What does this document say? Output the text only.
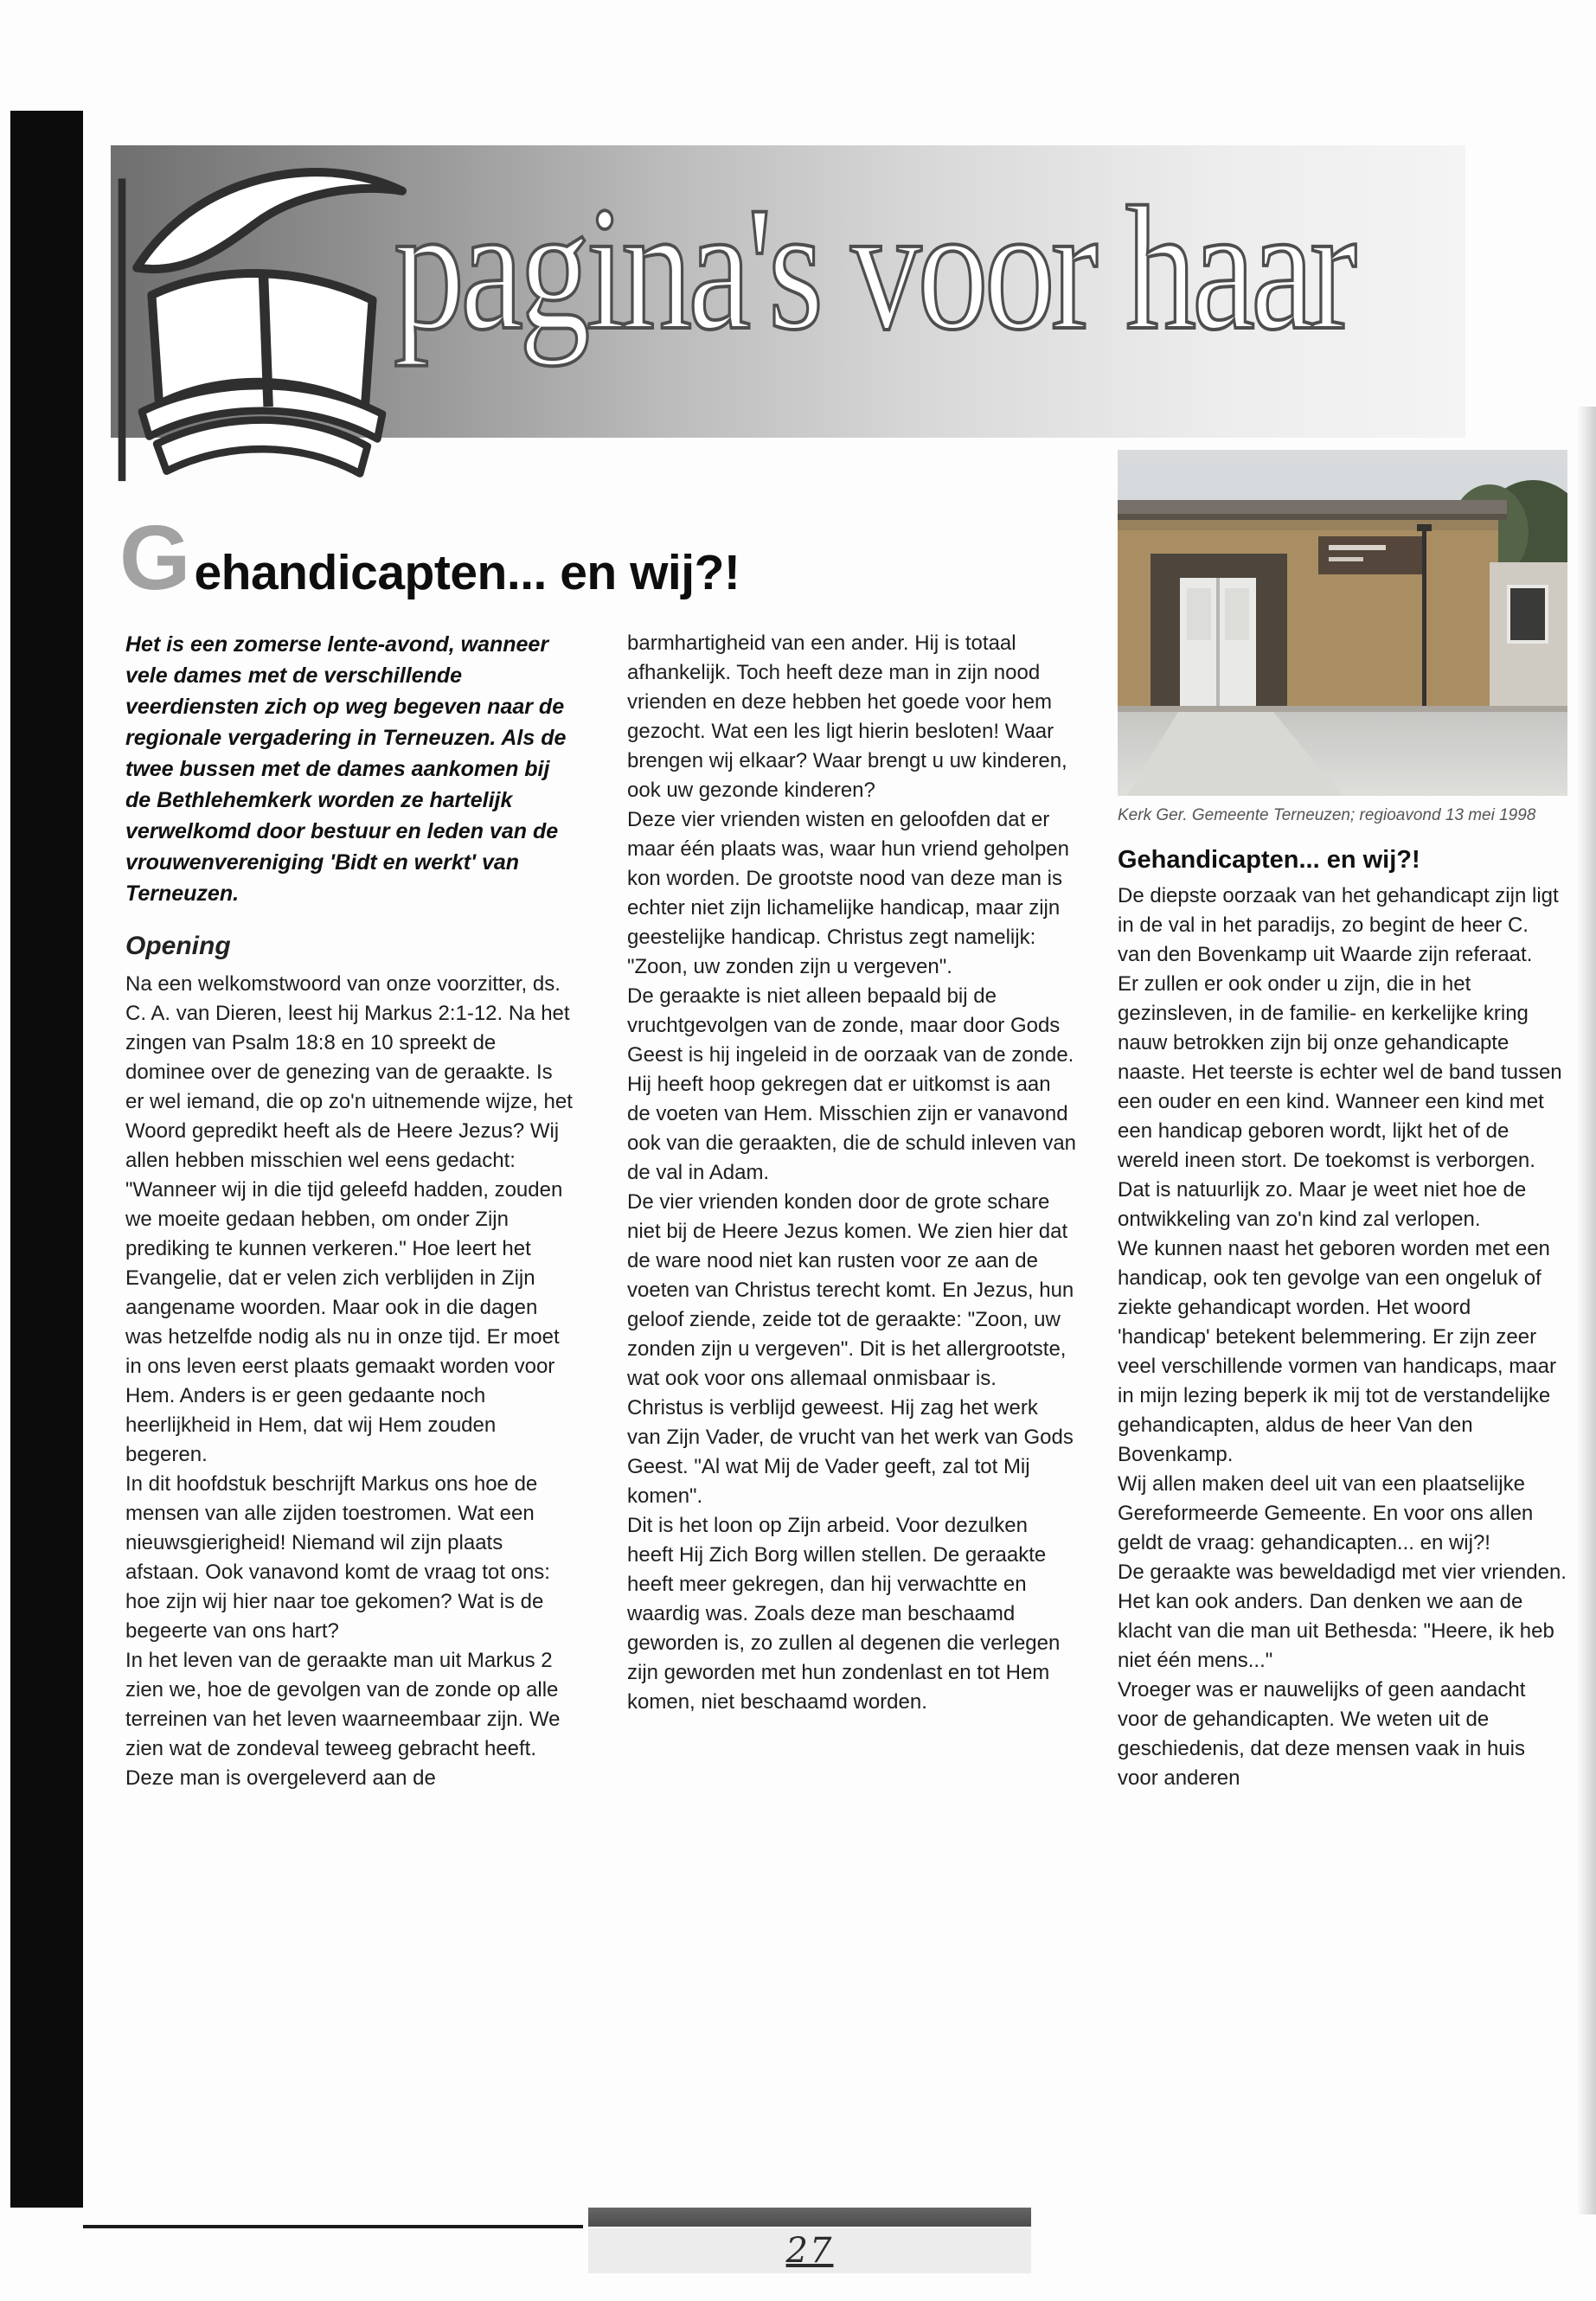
pagina's voor haar
G ehandicapten... en wij?!

Het is een zomerse lente-avond, wanneer vele dames met de verschillende veerdiensten zich op weg begeven naar de regionale vergadering in Terneuzen. Als de twee bussen met de dames aankomen bij de Bethlehemkerk worden ze hartelijk verwelkomd door bestuur en leden van de vrouwenvereniging 'Bidt en werkt' van Terneuzen.

Opening

Na een welkomstwoord van onze voorzitter, ds. C. A. van Dieren, leest hij Markus 2:1-12. Na het zingen van Psalm 18:8 en 10 spreekt de dominee over de genezing van de geraakte. Is er wel iemand, die op zo'n uitnemende wijze, het Woord gepredikt heeft als de Heere Jezus? Wij allen hebben misschien wel eens gedacht: "Wanneer wij in die tijd geleefd hadden, zouden we moeite gedaan hebben, om onder Zijn prediking te kunnen verkeren." Hoe leert het Evangelie, dat er velen zich verblijden in Zijn aangename woorden. Maar ook in die dagen was hetzelfde nodig als nu in onze tijd. Er moet in ons leven eerst plaats gemaakt worden voor Hem. Anders is er geen gedaante noch heerlijkheid in Hem, dat wij Hem zouden begeren.

In dit hoofdstuk beschrijft Markus ons hoe de mensen van alle zijden toestromen. Wat een nieuwsgierigheid! Niemand wil zijn plaats afstaan. Ook vanavond komt de vraag tot ons: hoe zijn wij hier naar toe gekomen? Wat is de begeerte van ons hart?

In het leven van de geraakte man uit Markus 2 zien we, hoe de gevolgen van de zonde op alle terreinen van het leven waarneembaar zijn. We zien wat de zondeval teweeg gebracht heeft. Deze man is overgeleverd aan de

barmhartigheid van een ander. Hij is totaal afhankelijk. Toch heeft deze man in zijn nood vrienden en deze hebben het goede voor hem gezocht. Wat een les ligt hierin besloten! Waar brengen wij elkaar? Waar brengt u uw kinderen, ook uw gezonde kinderen?

Deze vier vrienden wisten en geloofden dat er maar één plaats was, waar hun vriend geholpen kon worden. De grootste nood van deze man is echter niet zijn lichamelijke handicap, maar zijn geestelijke handicap. Christus zegt namelijk: "Zoon, uw zonden zijn u vergeven".

De geraakte is niet alleen bepaald bij de vruchtgevolgen van de zonde, maar door Gods Geest is hij ingeleid in de oorzaak van de zonde. Hij heeft hoop gekregen dat er uitkomst is aan de voeten van Hem. Misschien zijn er vanavond ook van die geraakten, die de schuld inleven van de val in Adam.

De vier vrienden konden door de grote schare niet bij de Heere Jezus komen. We zien hier dat de ware nood niet kan rusten voor ze aan de voeten van Christus terecht komt. En Jezus, hun geloof ziende, zeide tot de geraakte: "Zoon, uw zonden zijn u vergeven". Dit is het allergrootste, wat ook voor ons allemaal onmisbaar is. Christus is verblijd geweest. Hij zag het werk van Zijn Vader, de vrucht van het werk van Gods Geest. "Al wat Mij de Vader geeft, zal tot Mij komen".

Dit is het loon op Zijn arbeid. Voor dezulken heeft Hij Zich Borg willen stellen. De geraakte heeft meer gekregen, dan hij verwachtte en waardig was. Zoals deze man beschaamd geworden is, zo zullen al degenen die verlegen zijn geworden met hun zondenlast en tot Hem komen, niet beschaamd worden.

Kerk Ger. Gemeente Terneuzen; regioavond 13 mei 1998

Gehandicapten... en wij?!

De diepste oorzaak van het gehandicapt zijn ligt in de val in het paradijs, zo begint de heer C. van den Bovenkamp uit Waarde zijn referaat.

Er zullen er ook onder u zijn, die in het gezinsleven, in de familie- en kerkelijke kring nauw betrokken zijn bij onze gehandicapte naaste. Het teerste is echter wel de band tussen een ouder en een kind. Wanneer een kind met een handicap geboren wordt, lijkt het of de wereld ineen stort. De toekomst is verborgen. Dat is natuurlijk zo. Maar je weet niet hoe de ontwikkeling van zo'n kind zal verlopen.

We kunnen naast het geboren worden met een handicap, ook ten gevolge van een ongeluk of ziekte gehandicapt worden. Het woord 'handicap' betekent belemmering. Er zijn zeer veel verschillende vormen van handicaps, maar in mijn lezing beperk ik mij tot de verstandelijke gehandicapten, aldus de heer Van den Bovenkamp.

Wij allen maken deel uit van een plaatselijke Gereformeerde Gemeente. En voor ons allen geldt de vraag: gehandicapten... en wij?!

De geraakte was beweldadigd met vier vrienden. Het kan ook anders. Dan denken we aan de klacht van die man uit Bethesda: "Heere, ik heb niet één mens..."

Vroeger was er nauwelijks of geen aandacht voor de gehandicapten. We weten uit de geschiedenis, dat deze mensen vaak in huis voor anderen

27
